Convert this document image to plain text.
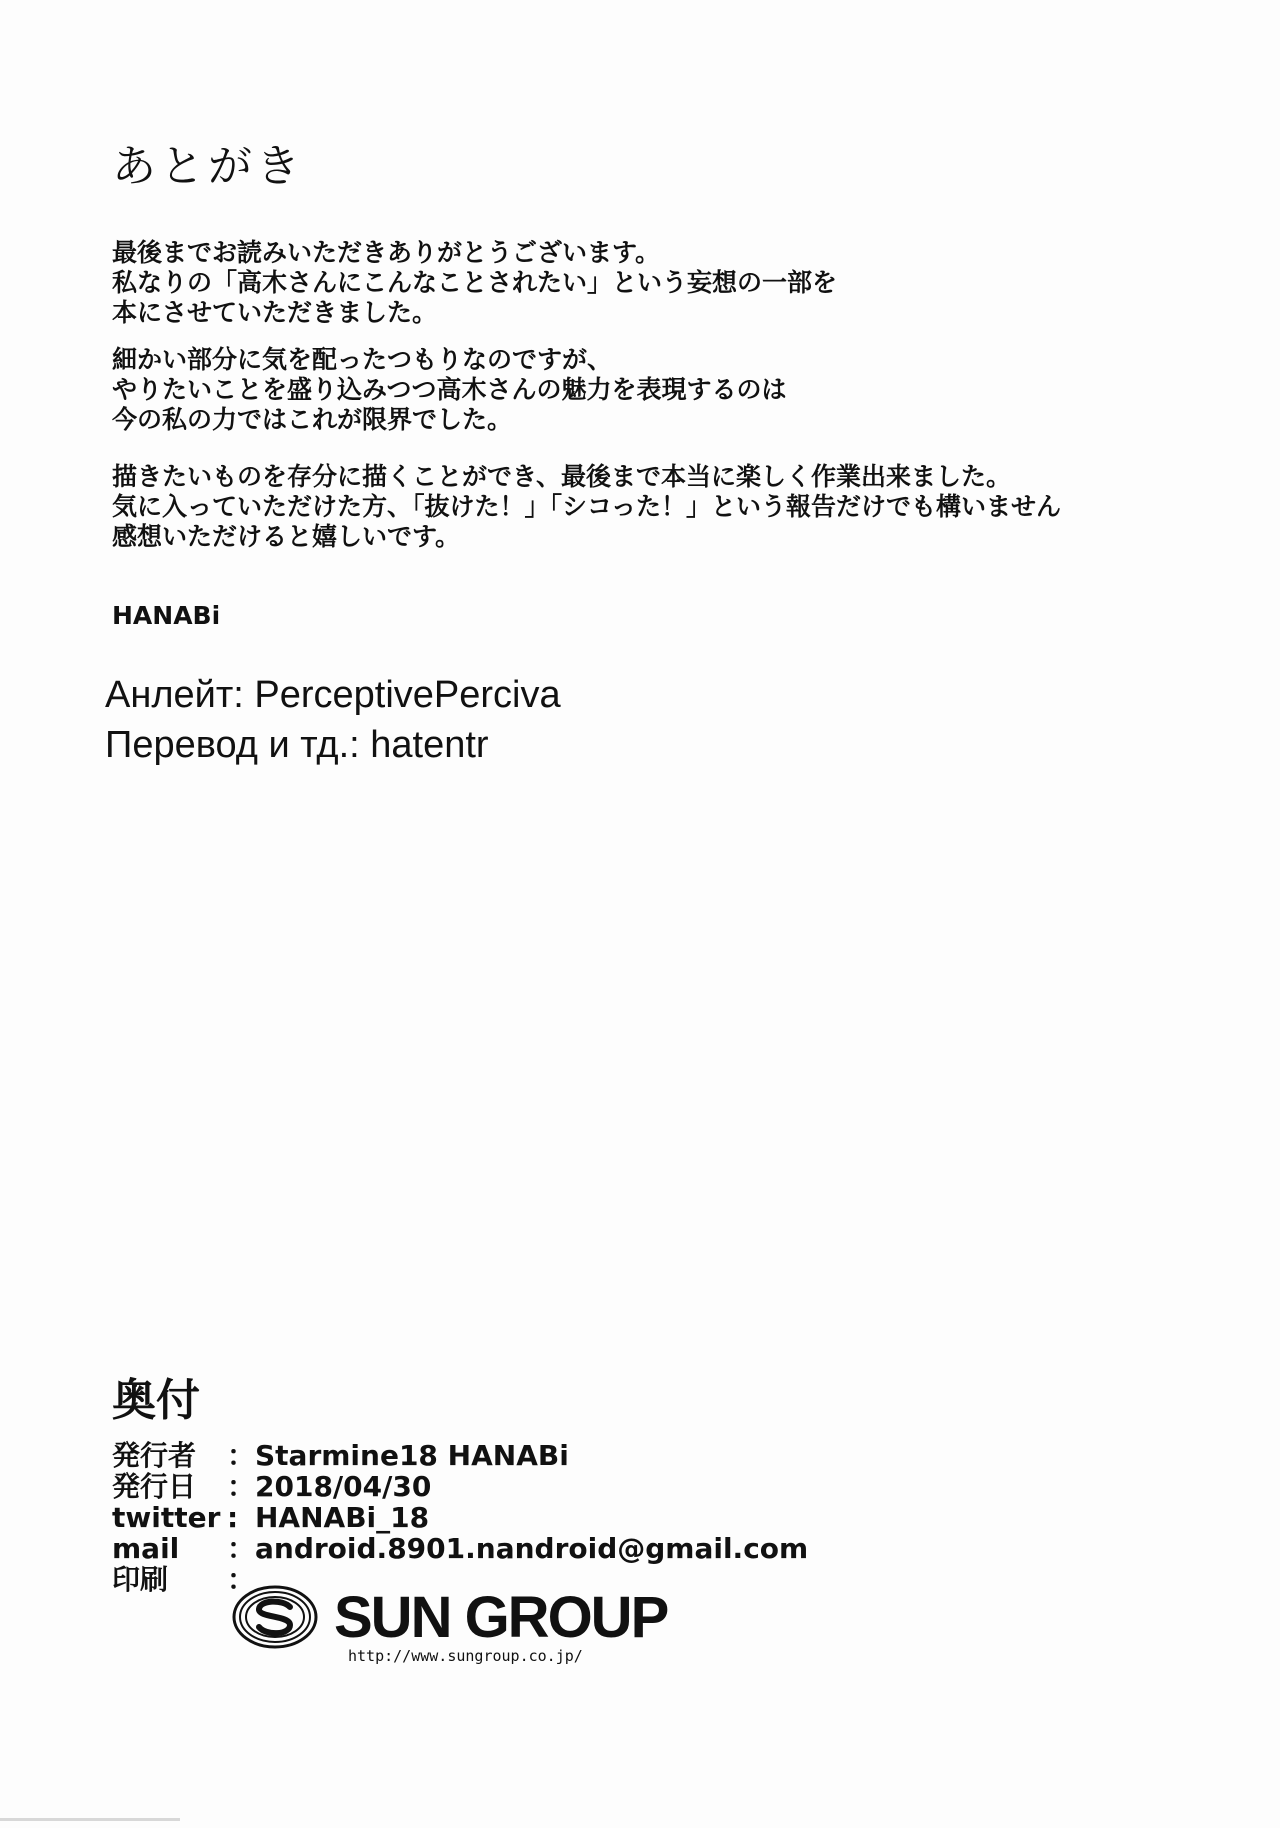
あとがき
最後までお読みいただきありがとうございます。
私なりの「高木さんにこんなことされたい」という妄想の一部を
本にさせていただきました。
細かい部分に気を配ったつもりなのですが、
やりたいことを盛り込みつつ高木さんの魅力を表現するのは
今の私の力ではこれが限界でした。
描きたいものを存分に描くことができ、最後まで本当に楽しく作業出来ました。
気に入っていただけた方、「抜けた！」「シコった！」という報告だけでも構いません
感想いただけると嬉しいです。

HANABi

Анлейт: PerceptivePerciva
Перевод и тд.: hatentr
奥付
発行者	： Starmine18 HANABi
発行日	： 2018/04/30
twitter : HANABi_18
mail	： android.8901.nandroid@gmail.com
印刷	：
SUN GROUP
http://www.sungroup.co.jp/
